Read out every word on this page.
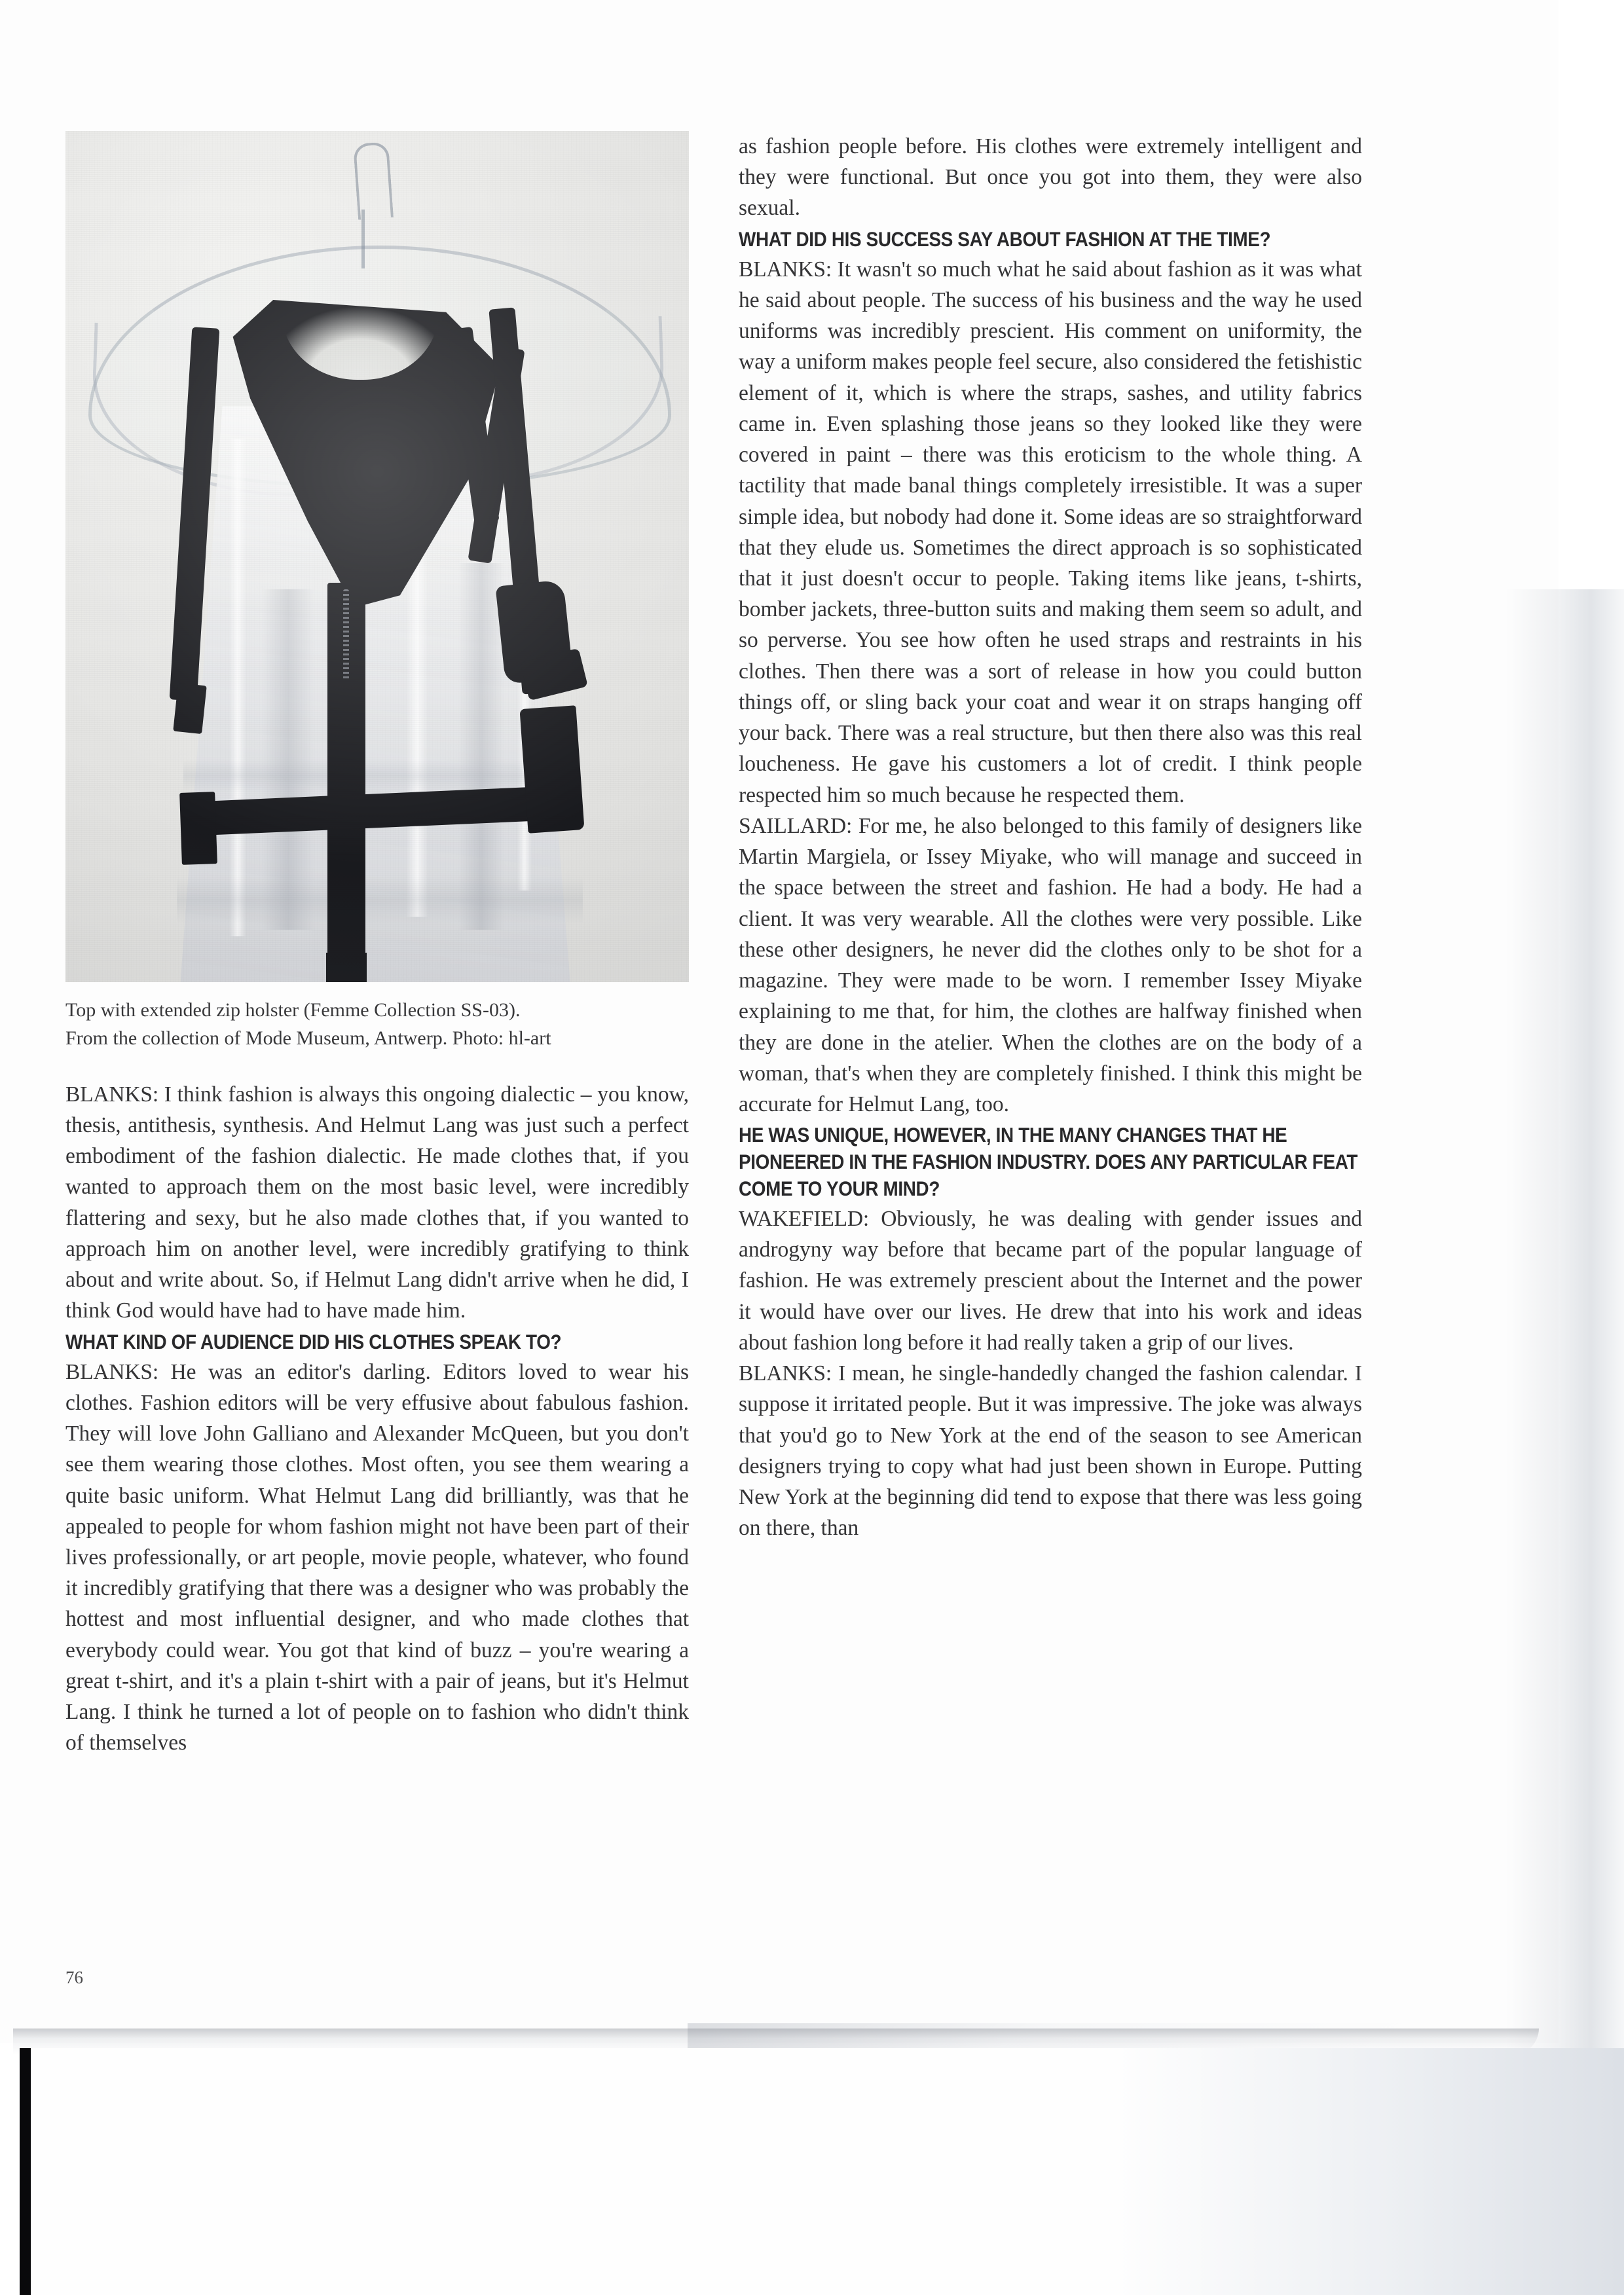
Top with extended zip holster (Femme Collection SS-03).
From the collection of Mode Museum, Antwerp. Photo: hl-art

BLANKS: I think fashion is always this ongoing dialectic – you know, thesis, antithesis, synthesis. And Helmut Lang was just such a perfect embodiment of the fashion dialectic. He made clothes that, if you wanted to approach them on the most basic level, were incredibly flattering and sexy, but he also made clothes that, if you wanted to approach him on another level, were incredibly gratifying to think about and write about. So, if Helmut Lang didn't arrive when he did, I think God would have had to have made him.

WHAT KIND OF AUDIENCE DID HIS CLOTHES SPEAK TO?

BLANKS: He was an editor's darling. Editors loved to wear his clothes. Fashion editors will be very effusive about fabulous fashion. They will love John Galliano and Alexander McQueen, but you don't see them wearing those clothes. Most often, you see them wearing a quite basic uniform. What Helmut Lang did brilliantly, was that he appealed to people for whom fashion might not have been part of their lives professionally, or art people, movie people, whatever, who found it incredibly gratifying that there was a designer who was probably the hottest and most influential designer, and who made clothes that everybody could wear. You got that kind of buzz – you're wearing a great t-shirt, and it's a plain t-shirt with a pair of jeans, but it's Helmut Lang. I think he turned a lot of people on to fashion who didn't think of themselves

as fashion people before. His clothes were extremely intelligent and they were functional. But once you got into them, they were also sexual.

WHAT DID HIS SUCCESS SAY ABOUT FASHION AT THE TIME?

BLANKS: It wasn't so much what he said about fashion as it was what he said about people. The success of his business and the way he used uniforms was incredibly prescient. His comment on uniformity, the way a uniform makes people feel secure, also considered the fetishistic element of it, which is where the straps, sashes, and utility fabrics came in. Even splashing those jeans so they looked like they were covered in paint – there was this eroticism to the whole thing. A tactility that made banal things completely irresistible. It was a super simple idea, but nobody had done it. Some ideas are so straightforward that they elude us. Sometimes the direct approach is so sophisticated that it just doesn't occur to people. Taking items like jeans, t-shirts, bomber jackets, three-button suits and making them seem so adult, and so perverse. You see how often he used straps and restraints in his clothes. Then there was a sort of release in how you could button things off, or sling back your coat and wear it on straps hanging off your back. There was a real structure, but then there also was this real loucheness. He gave his customers a lot of credit. I think people respected him so much because he respected them.

SAILLARD: For me, he also belonged to this family of designers like Martin Margiela, or Issey Miyake, who will manage and succeed in the space between the street and fashion. He had a body. He had a client. It was very wearable. All the clothes were very possible. Like these other designers, he never did the clothes only to be shot for a magazine. They were made to be worn. I remember Issey Miyake explaining to me that, for him, the clothes are halfway finished when they are done in the atelier. When the clothes are on the body of a woman, that's when they are completely finished. I think this might be accurate for Helmut Lang, too.

HE WAS UNIQUE, HOWEVER, IN THE MANY CHANGES THAT HE PIONEERED IN THE FASHION INDUSTRY. DOES ANY PARTICULAR FEAT COME TO YOUR MIND?

WAKEFIELD: Obviously, he was dealing with gender issues and androgyny way before that became part of the popular language of fashion. He was extremely prescient about the Internet and the power it would have over our lives. He drew that into his work and ideas about fashion long before it had really taken a grip of our lives.

BLANKS: I mean, he single-handedly changed the fashion calendar. I suppose it irritated people. But it was impressive. The joke was always that you'd go to New York at the end of the season to see American designers trying to copy what had just been shown in Europe. Putting New York at the beginning did tend to expose that there was less going on there, than

76
